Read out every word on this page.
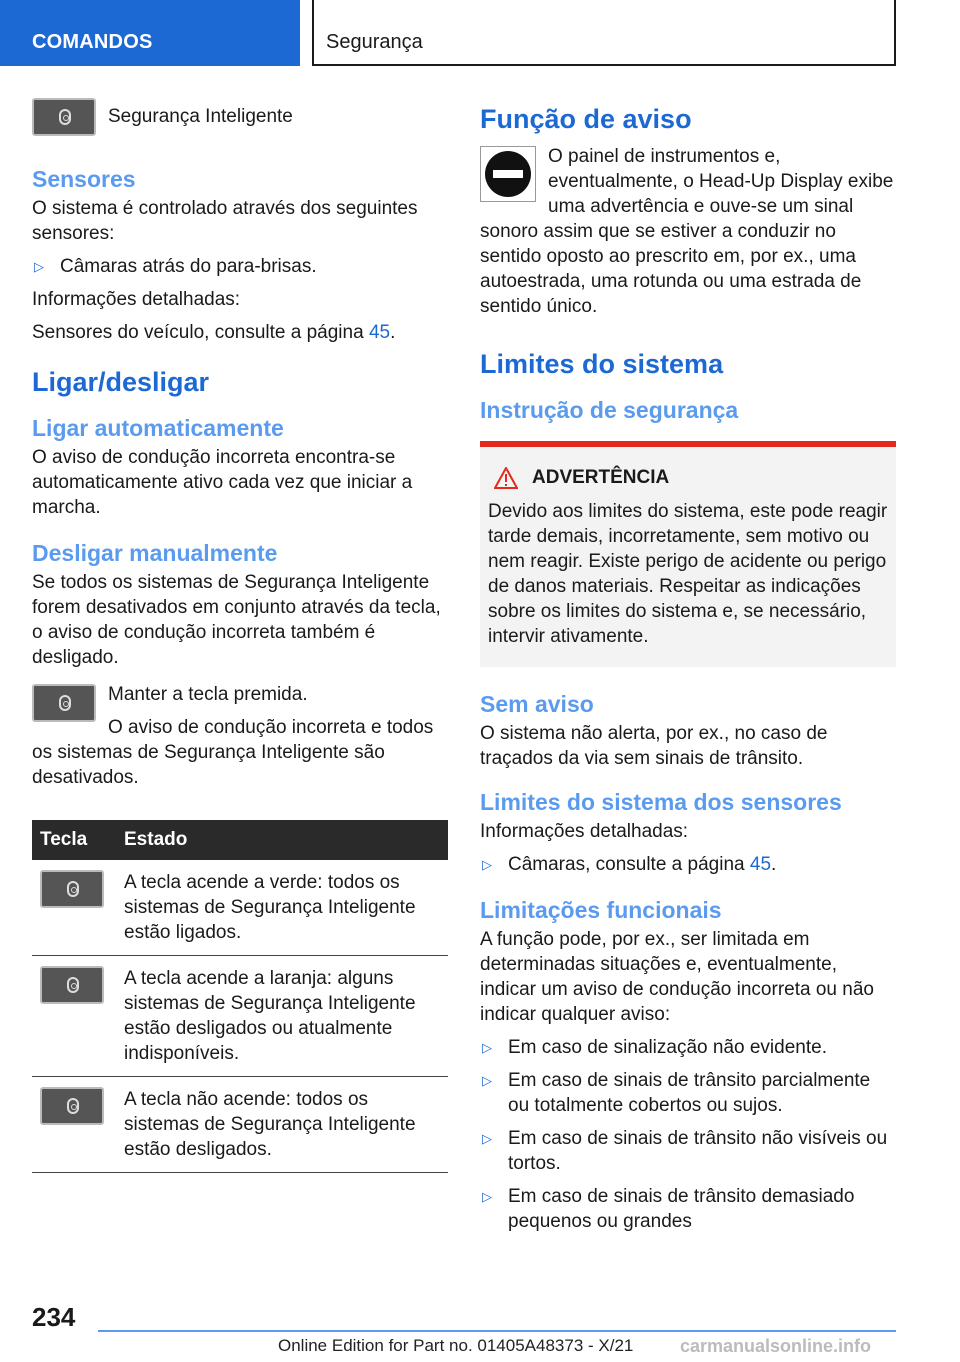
COMANDOS	Segurança

Segurança Inteligente

Sensores

O sistema é controlado através dos seguintes sensores:

▷ Câmaras atrás do para-brisas.

Informações detalhadas:

Sensores do veículo, consulte a página 45.

Ligar/desligar
Ligar automaticamente

O aviso de condução incorreta encontra-se automaticamente ativo cada vez que iniciar a marcha.

Desligar manualmente

Se todos os sistemas de Segurança Inteligente forem desativados em conjunto através da tecla, o aviso de condução incorreta também é desligado.

Manter a tecla premida.

O aviso de condução incorreta e todos os sistemas de Segurança Inteligente são desativados.

Tecla	Estado

	A tecla acende a verde: todos os sistemas de Segurança Inteligente estão ligados.

	A tecla acende a laranja: alguns sistemas de Segurança Inteligente estão desligados ou atualmente indisponíveis.

	A tecla não acende: todos os sistemas de Segurança Inteligente estão desligados.
Função de aviso

O painel de instrumentos e, eventualmente, o Head-Up Display exibe uma advertência e ouve-se um sinal sonoro assim que se estiver a conduzir no sentido oposto ao prescrito em, por ex., uma autoestrada, uma rotunda ou uma estrada de sentido único.

Limites do sistema
Instrução de segurança
ADVERTÊNCIA

Devido aos limites do sistema, este pode reagir tarde demais, incorretamente, sem motivo ou nem reagir. Existe perigo de acidente ou perigo de danos materiais. Respeitar as indicações sobre os limites do sistema e, se necessário, intervir ativamente.

Sem aviso

O sistema não alerta, por ex., no caso de traçados da via sem sinais de trânsito.

Limites do sistema dos sensores

Informações detalhadas:

▷ Câmaras, consulte a página 45.
Limitações funcionais

A função pode, por ex., ser limitada em determinadas situações e, eventualmente, indicar um aviso de condução incorreta ou não indicar qualquer aviso:

▷ Em caso de sinalização não evidente.
▷ Em caso de sinais de trânsito parcialmente ou totalmente cobertos ou sujos.
▷ Em caso de sinais de trânsito não visíveis ou tortos.
▷ Em caso de sinais de trânsito demasiado pequenos ou grandes
234
Online Edition for Part no. 01405A48373 - X/21	carmanualsonline.info
